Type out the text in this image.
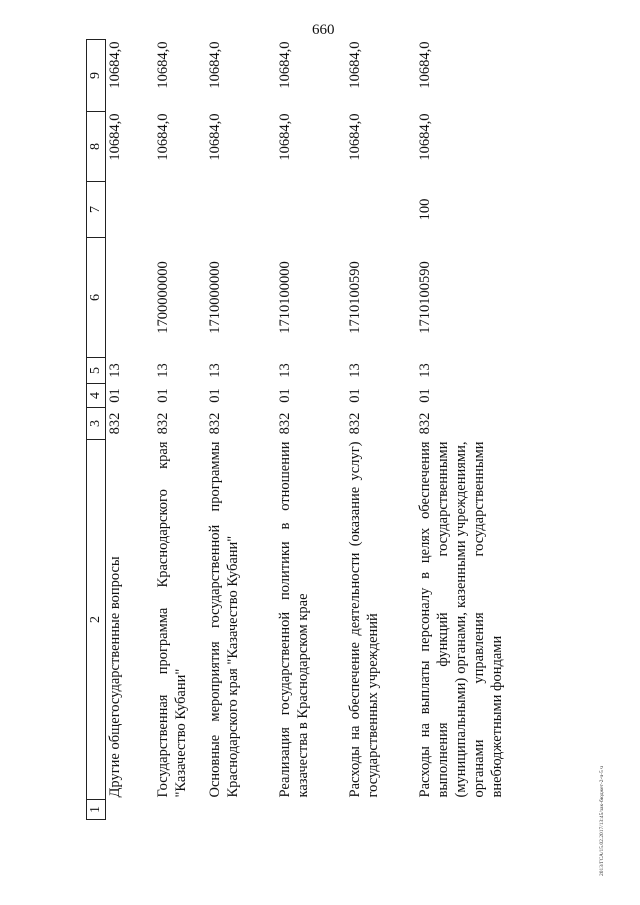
660
2013/ГСА/15.02.2017/13:45/зак-бюджет-2-ч-5 ч
1	2	3	4	5	6	7	8	9
	Другие общегосударственные вопросы	832	01	13			10684,0	10684,0
	Государственная программа Краснодарского края "Казачество Кубани"	832	01	13	1700000000		10684,0	10684,0
	Основные мероприятия государственной программы Краснодарского края "Казачество Кубани"	832	01	13	1710000000		10684,0	10684,0
	Реализация государственной политики в отношении казачества в Краснодарском крае	832	01	13	1710100000		10684,0	10684,0
	Расходы на обеспечение деятельности (оказание услуг) государственных учреждений	832	01	13	1710100590		10684,0	10684,0
	Расходы на выплаты персоналу в целях обеспечения выполнения функций государственными (муниципальными) органами, казенными учреждениями, органами управления государственными внебюджетными фондами	832	01	13	1710100590	100	10684,0	10684,0
